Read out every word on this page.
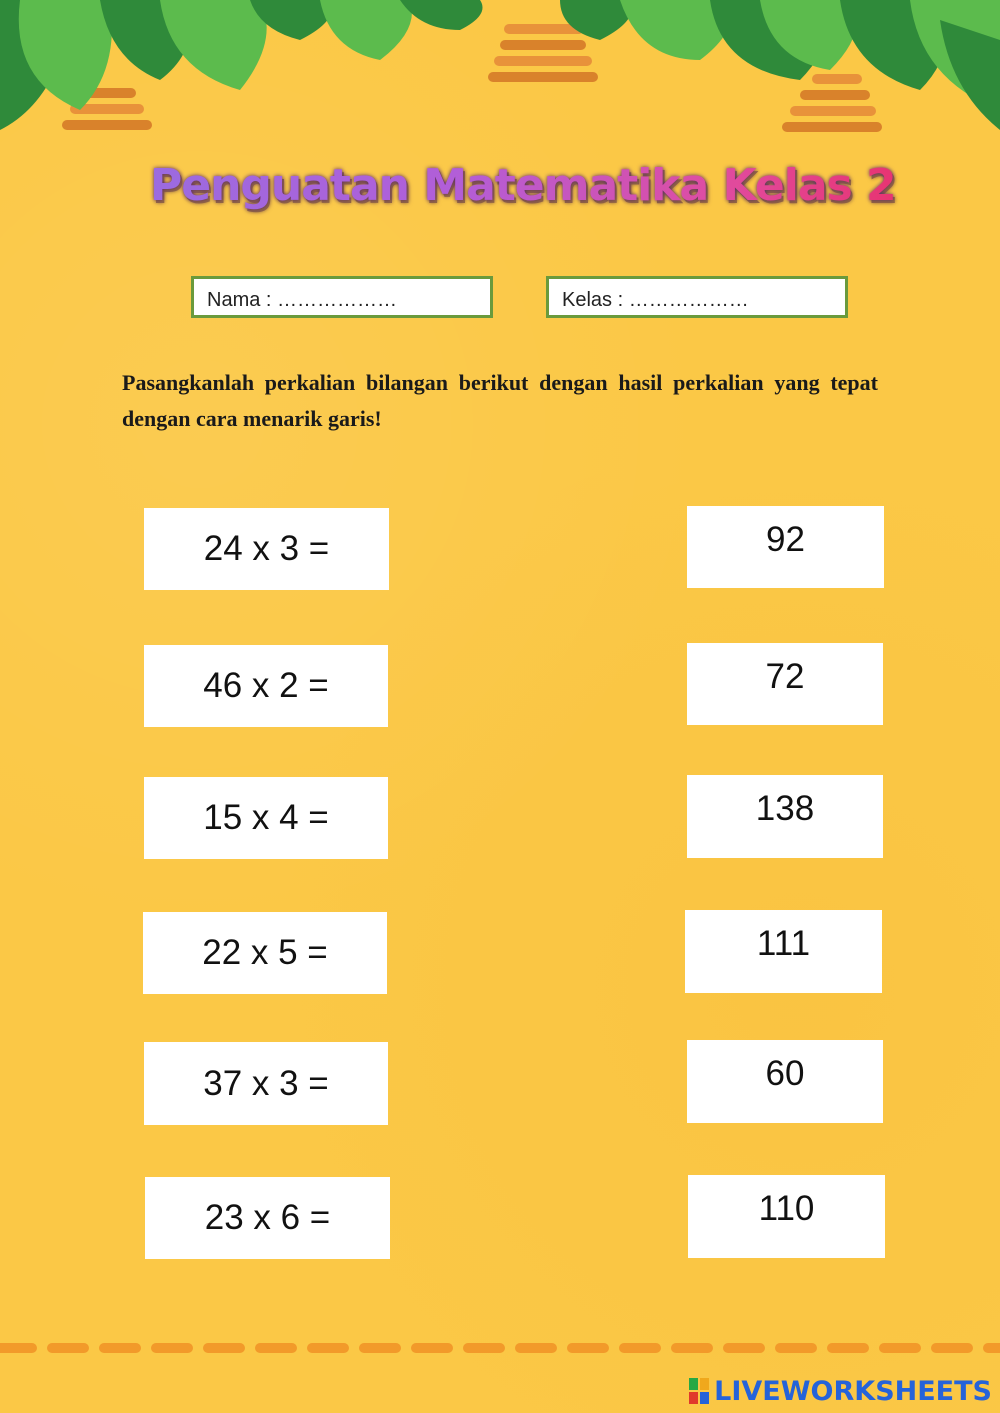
Penguatan Matematika Kelas 2
Nama : ………………	Kelas : ………………
Pasangkanlah perkalian bilangan berikut dengan hasil perkalian yang tepat dengan cara menarik garis!
24 x 3 =
46 x 2 =
15 x 4 =
22 x 5 =
37 x 3 =
23 x 6 =
92
72
138
111
60
110
LIVEWORKSHEETS
